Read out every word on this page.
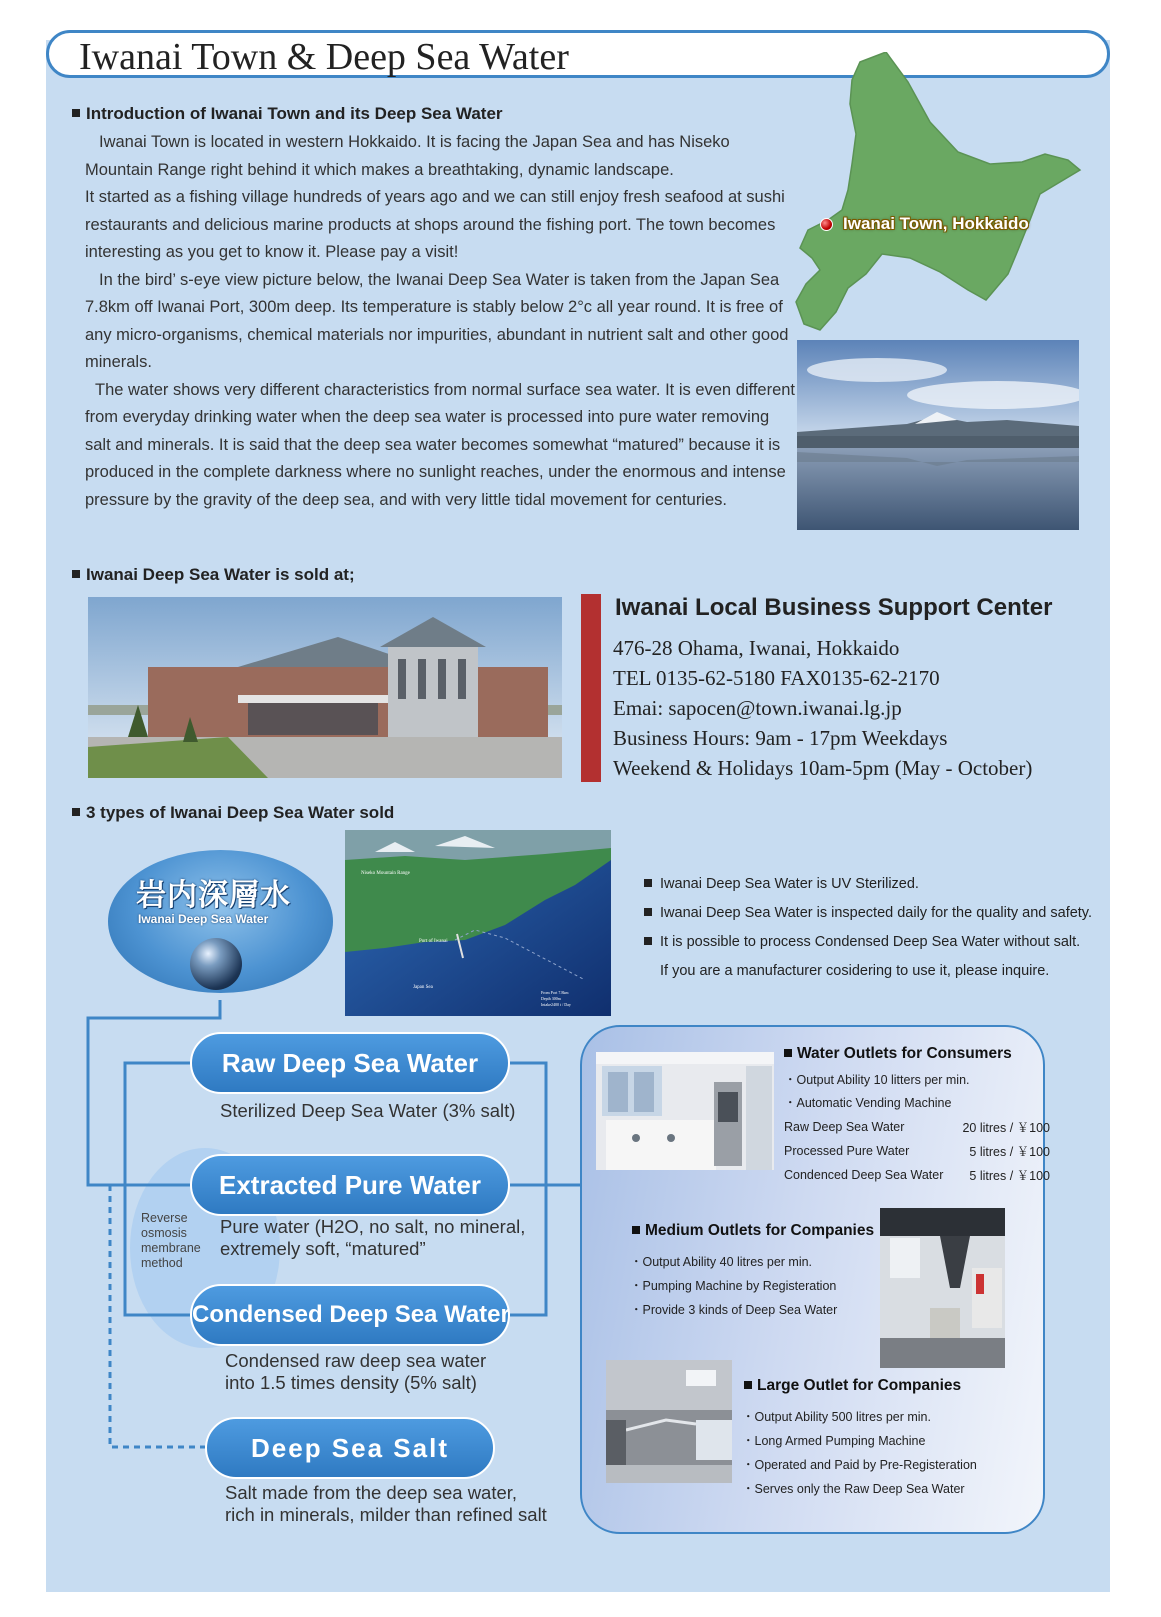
Iwanai Town & Deep Sea Water
Introduction of Iwanai Town and its Deep Sea Water

Iwanai Town is located in western Hokkaido. It is facing the Japan Sea and has Niseko Mountain Range right behind it which makes a breathtaking, dynamic landscape.

It started as a fishing village hundreds of years ago and we can still enjoy fresh seafood at sushi restaurants and delicious marine products at shops around the fishing port. The town becomes interesting as you get to know it. Please pay a visit!

In the bird’ s-eye view picture below, the Iwanai Deep Sea Water is taken from the Japan Sea 7.8km off Iwanai Port, 300m deep. Its temperature is stably below 2°c all year round. It is free of any micro-organisms, chemical materials nor impurities, abundant in nutrient salt and other good minerals.

The water shows very different characteristics from normal surface sea water. It is even different from everyday drinking water when the deep sea water is processed into pure water removing salt and minerals. It is said that the deep sea water becomes somewhat “matured” because it is produced in the complete darkness where no sunlight reaches, under the enormous and intense pressure by the gravity of the deep sea, and with very little tidal movement for centuries.

Iwanai Town, Hokkaido
Iwanai Deep Sea Water is sold at;
Iwanai Local Business Support Center
476-28 Ohama, Iwanai, Hokkaido
TEL 0135-62-5180 FAX0135-62-2170
Emai: sapocen@town.iwanai.lg.jp
Business Hours: 9am - 17pm Weekdays
Weekend & Holidays 10am-5pm (May - October)
3 types of Iwanai Deep Sea Water sold
岩内深層水
Iwanai Deep Sea Water
Niseko Mountain Range
Port of Iwanai
Japan Sea
From Port 7.8km
Depth 300m
Intake2400 t / Day
Iwanai Deep Sea Water is UV Sterilized.
Iwanai Deep Sea Water is inspected daily for the quality and safety.
It is possible to process Condensed Deep Sea Water without salt.
If you are a manufacturer cosidering to use it, please inquire.
Reverse
osmosis
membrane
method
Raw Deep Sea Water
Sterilized Deep Sea Water (3% salt)
Extracted Pure Water
Pure water (H2O, no salt, no mineral,
extremely soft, “matured”
Condensed Deep Sea Water
Condensed raw deep sea water
into 1.5 times density (5% salt)
Deep Sea Salt
Salt made from the deep sea water,
rich in minerals, milder than refined salt
Water Outlets for Consumers
・Output Ability 10 litters per min.
・Automatic Vending Machine
Raw Deep Sea Water	20 litres / ￥100
Processed Pure Water	5 litres / ￥100
Condenced Deep Sea Water	5 litres / ￥100
Medium Outlets for Companies
・Output Ability 40 litres per min.
・Pumping Machine by Registeration
・Provide 3 kinds of Deep Sea Water
Large Outlet for Companies
・Output Ability 500 litres per min.
・Long Armed Pumping Machine
・Operated and Paid by Pre-Registeration
・Serves only the Raw Deep Sea Water
